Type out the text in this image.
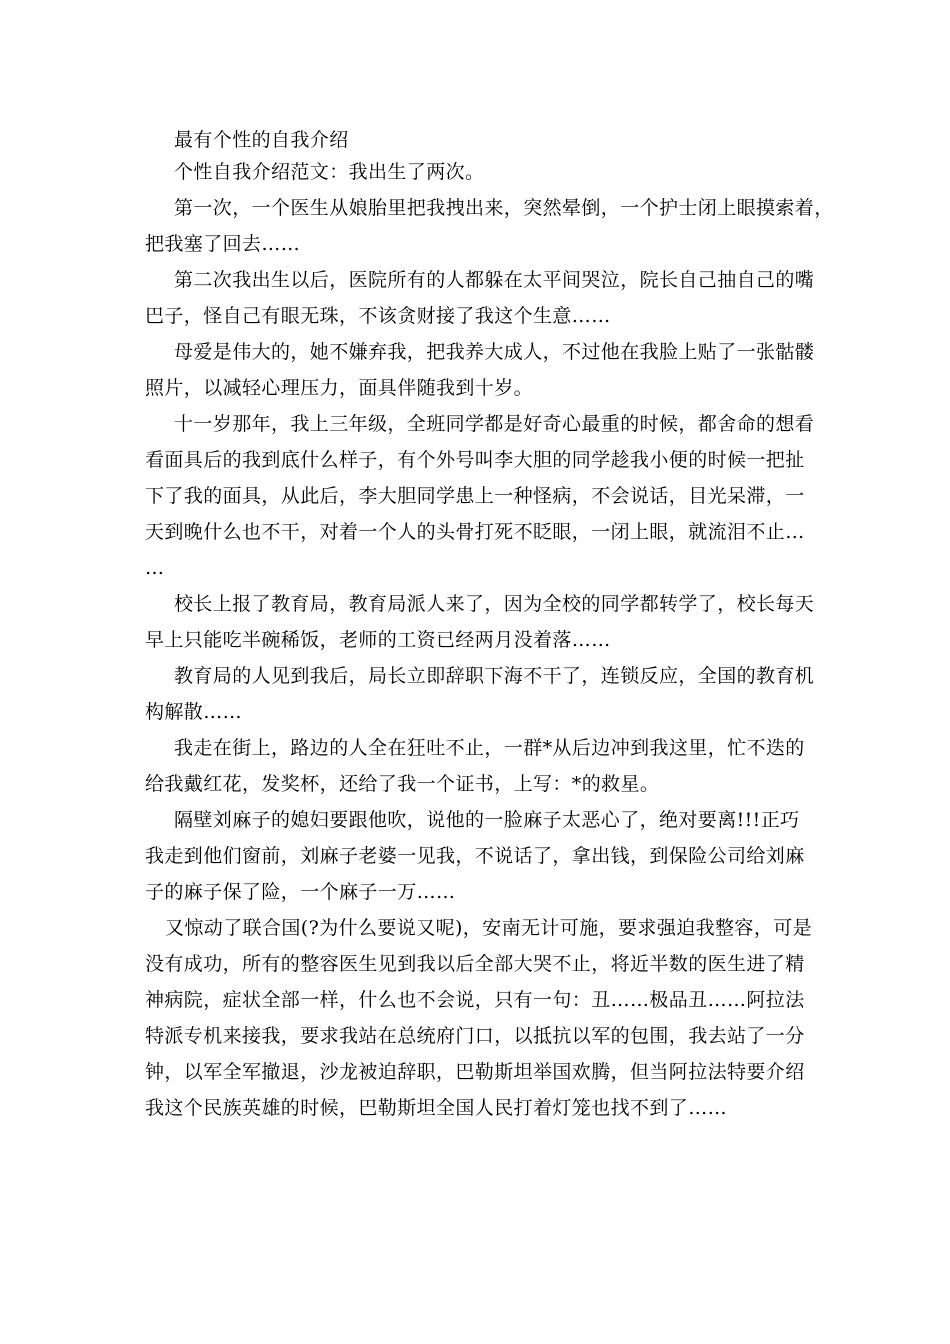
最有个性的自我介绍
个性自我介绍范文：我出生了两次。
第一次，一个医生从娘胎里把我拽出来，突然晕倒，一个护士闭上眼摸索着，
把我塞了回去……
第二次我出生以后，医院所有的人都躲在太平间哭泣，院长自己抽自己的嘴
巴子，怪自己有眼无珠，不该贪财接了我这个生意……
母爱是伟大的，她不嫌弃我，把我养大成人，不过他在我脸上贴了一张骷髅
照片，以减轻心理压力，面具伴随我到十岁。
十一岁那年，我上三年级，全班同学都是好奇心最重的时候，都舍命的想看
看面具后的我到底什么样子，有个外号叫李大胆的同学趁我小便的时候一把扯
下了我的面具，从此后，李大胆同学患上一种怪病，不会说话，目光呆滞，一
天到晚什么也不干，对着一个人的头骨打死不眨眼，一闭上眼，就流泪不止…
…
校长上报了教育局，教育局派人来了，因为全校的同学都转学了，校长每天
早上只能吃半碗稀饭，老师的工资已经两月没着落……
教育局的人见到我后，局长立即辞职下海不干了，连锁反应，全国的教育机
构解散……
我走在街上，路边的人全在狂吐不止，一群*从后边冲到我这里，忙不迭的
给我戴红花，发奖杯，还给了我一个证书，上写：*的救星。
隔壁刘麻子的媳妇要跟他吹，说他的一脸麻子太恶心了，绝对要离!!!正巧
我走到他们窗前，刘麻子老婆一见我，不说话了，拿出钱，到保险公司给刘麻
子的麻子保了险，一个麻子一万……
又惊动了联合国(?为什么要说又呢)，安南无计可施，要求强迫我整容，可是
没有成功，所有的整容医生见到我以后全部大哭不止，将近半数的医生进了精
神病院，症状全部一样，什么也不会说，只有一句：丑……极品丑……阿拉法
特派专机来接我，要求我站在总统府门口，以抵抗以军的包围，我去站了一分
钟，以军全军撤退，沙龙被迫辞职，巴勒斯坦举国欢腾，但当阿拉法特要介绍
我这个民族英雄的时候，巴勒斯坦全国人民打着灯笼也找不到了……
